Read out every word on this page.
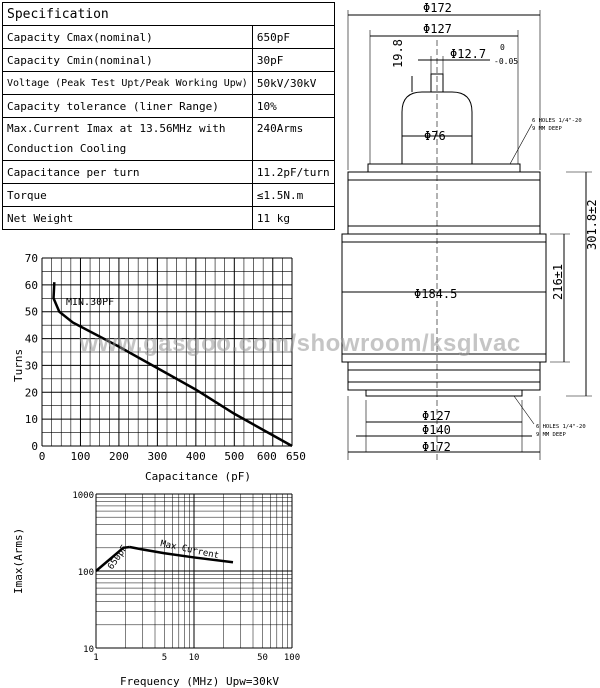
Specification	
Capacity Cmax(nominal)	650pF
Capacity Cmin(nominal)	30pF
Voltage (Peak Test Upt/Peak Working Upw)	50kV/30kV
Capacity tolerance (liner Range)	10%
Max.Current Imax at 13.56MHz with Conduction Cooling	240Arms
Capacitance per turn	11.2pF/turn
Torque	≤1.5N.m
Net Weight	11 kg
Φ172
Φ127
Φ12.7 0
-0.05
19.8
Φ76
Φ184.5
Φ127
Φ140
Φ172
301.8±2
216±1
6 HOLES 1/4"-20
9 MM DEEP
6 HOLES 1/4"-20
9 MM DEEP
0
10
20
30
40
50
60
70
0 100 200 300 400 500 600 650
MIN.30PF
Turns
Capacitance (pF)
10
100
1000
1	5 10	50 100
650pF	Max Current
Imax(Arms)
Frequency (MHz) Upw=30kV
www.gasgoo.com/showroom/ksglvac
